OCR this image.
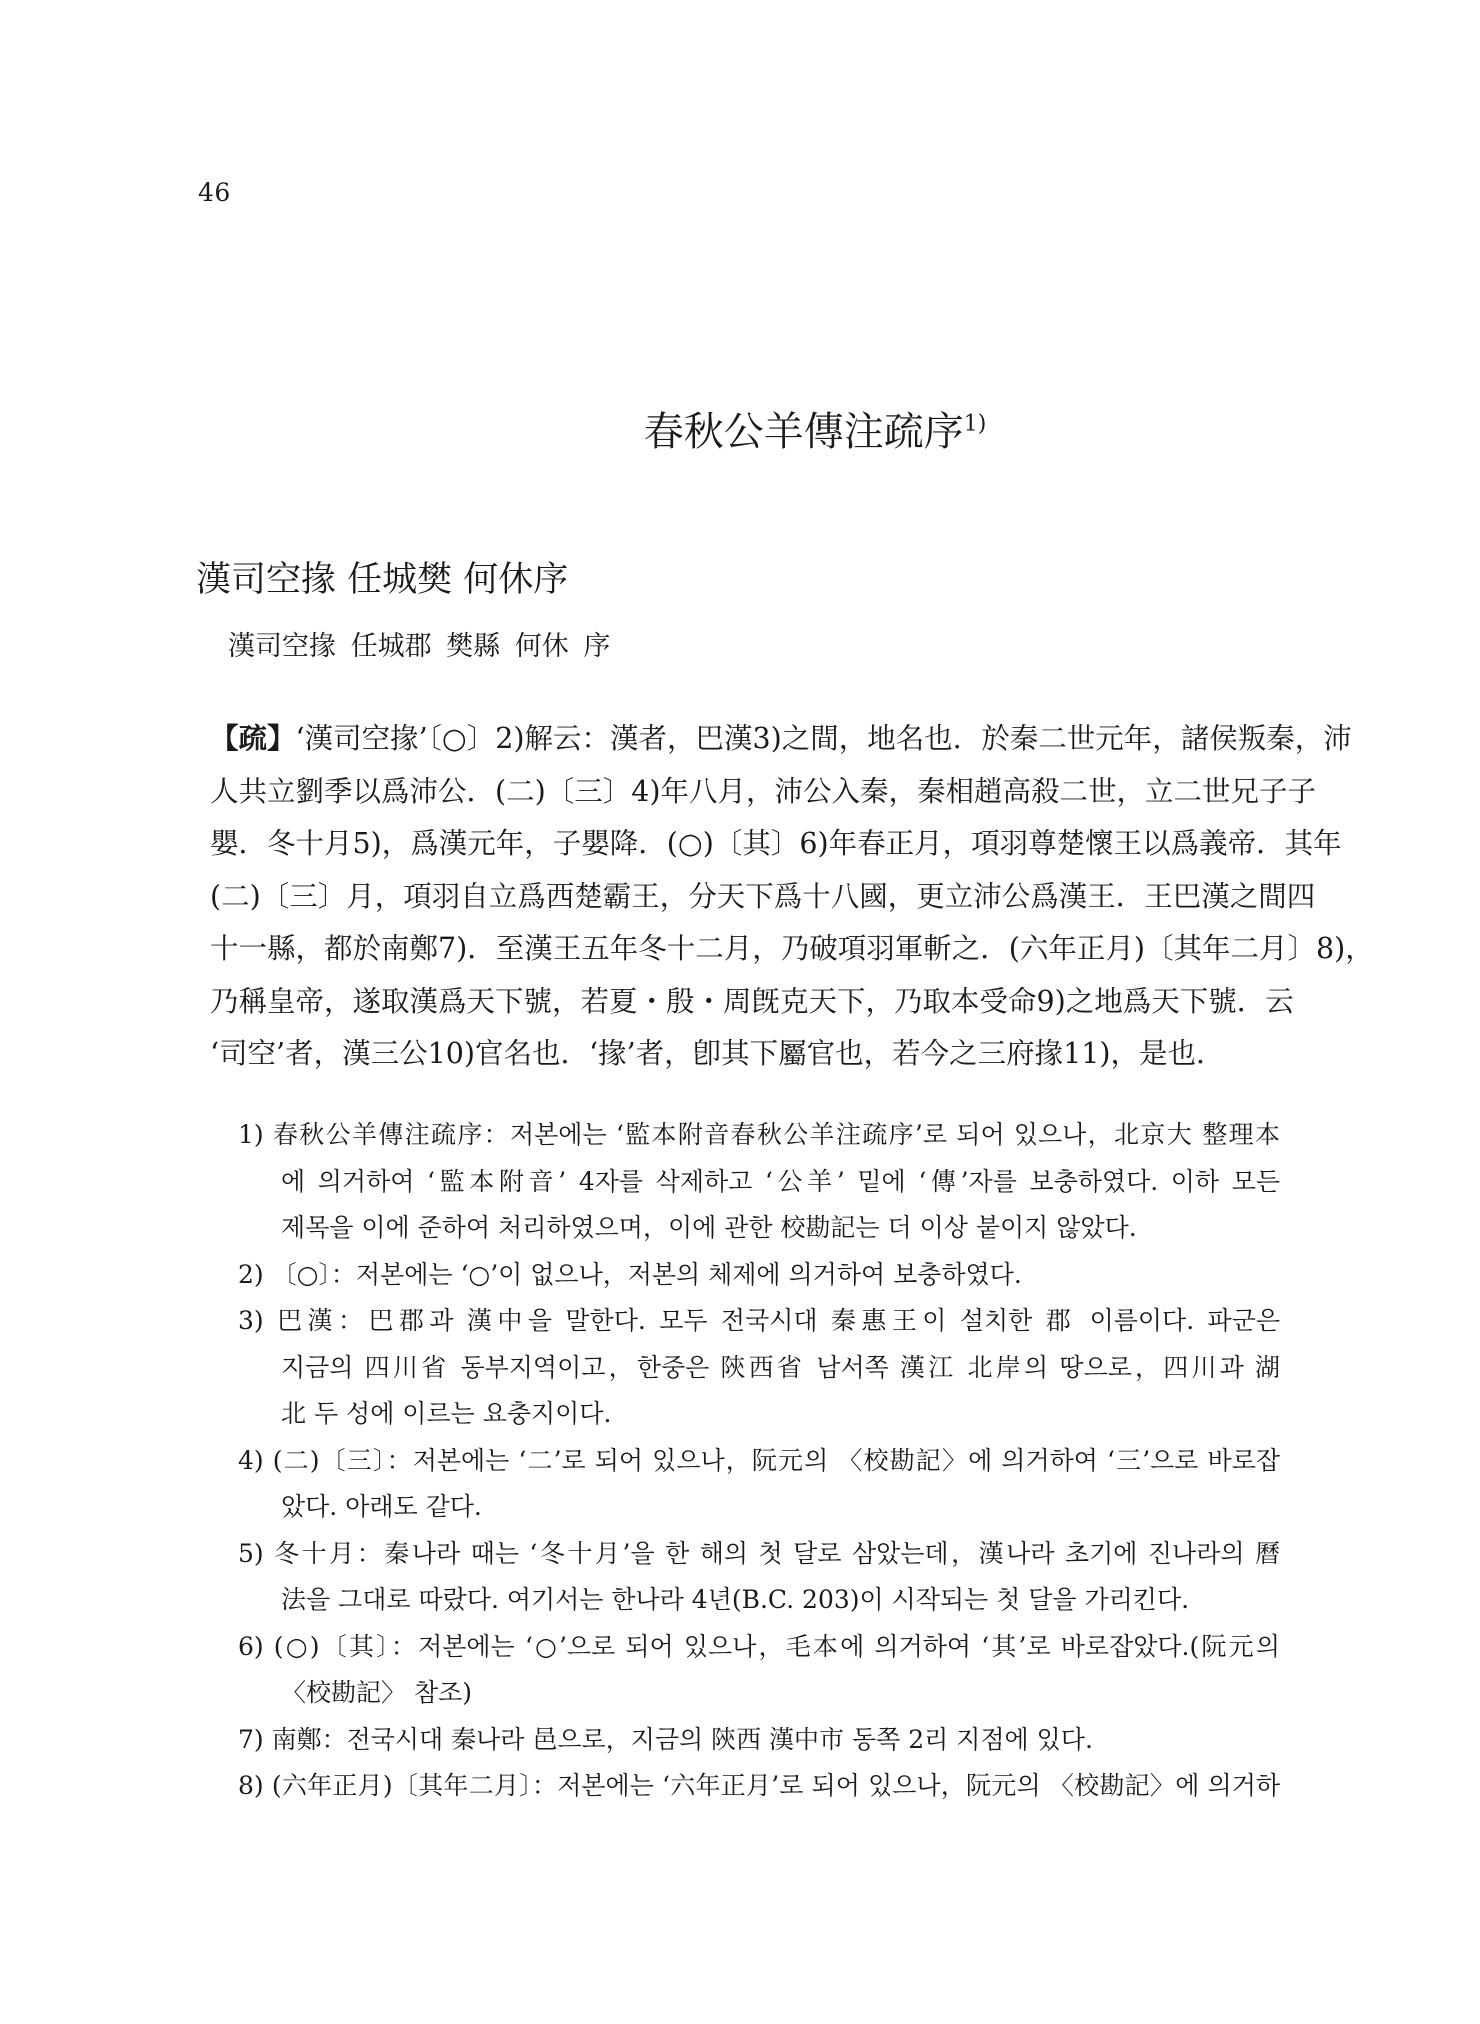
46
春秋公羊傳注疏序$^{1)}$
漢司空掾 任城樊 何休序
漢司空掾 任城郡 樊縣 何休 序
【疏】‘漢司空掾’〔○〕2)解云：漢者，巴漢3)之間，地名也．於秦二世元年，諸侯叛秦，沛
人共立劉季以爲沛公．(二)〔三〕4)年八月，沛公入秦，秦相趙高殺二世，立二世兄子子
嬰．冬十月5)，爲漢元年，子嬰降．(○)〔其〕6)年春正月，項羽尊楚懷王以爲義帝．其年
(二)〔三〕月，項羽自立爲西楚霸王，分天下爲十八國，更立沛公爲漢王．王巴漢之間四
十一縣，都於南鄭7)．至漢王五年冬十二月，乃破項羽軍斬之．(六年正月)〔其年二月〕8)，
乃稱皇帝，遂取漢爲天下號，若夏・殷・周旣克天下，乃取本受命9)之地爲天下號．云
‘司空’者，漢三公10)官名也．‘掾’者，卽其下屬官也，若今之三府掾11)，是也．
1) 春秋公羊傳注疏序：저본에는 ‘監本附音春秋公羊注疏序’로 되어 있으나，北京大 整理本
에 의거하여 ‘監本附音’ 4자를 삭제하고 ‘公羊’ 밑에 ‘傳’자를 보충하였다. 이하 모든
제목을 이에 준하여 처리하였으며，이에 관한 校勘記는 더 이상 붙이지 않았다.
2) 〔○〕：저본에는 ‘○’이 없으나，저본의 체제에 의거하여 보충하였다.
3) 巴漢：巴郡과 漢中을 말한다. 모두 전국시대 秦惠王이 설치한 郡 이름이다. 파군은
지금의 四川省 동부지역이고，한중은 陝西省 남서쪽 漢江 北岸의 땅으로，四川과 湖
北 두 성에 이르는 요충지이다.
4) (二)〔三〕：저본에는 ‘二’로 되어 있으나，阮元의 〈校勘記〉에 의거하여 ‘三’으로 바로잡
았다. 아래도 같다.
5) 冬十月：秦나라 때는 ‘冬十月’을 한 해의 첫 달로 삼았는데，漢나라 초기에 진나라의 曆
法을 그대로 따랐다. 여기서는 한나라 4년(B.C. 203)이 시작되는 첫 달을 가리킨다.
6) (○)〔其〕：저본에는 ‘○’으로 되어 있으나，毛本에 의거하여 ‘其’로 바로잡았다.(阮元의
〈校勘記〉 참조)
7) 南鄭：전국시대 秦나라 邑으로，지금의 陝西 漢中市 동쪽 2리 지점에 있다.
8) (六年正月)〔其年二月〕：저본에는 ‘六年正月’로 되어 있으나，阮元의 〈校勘記〉에 의거하
